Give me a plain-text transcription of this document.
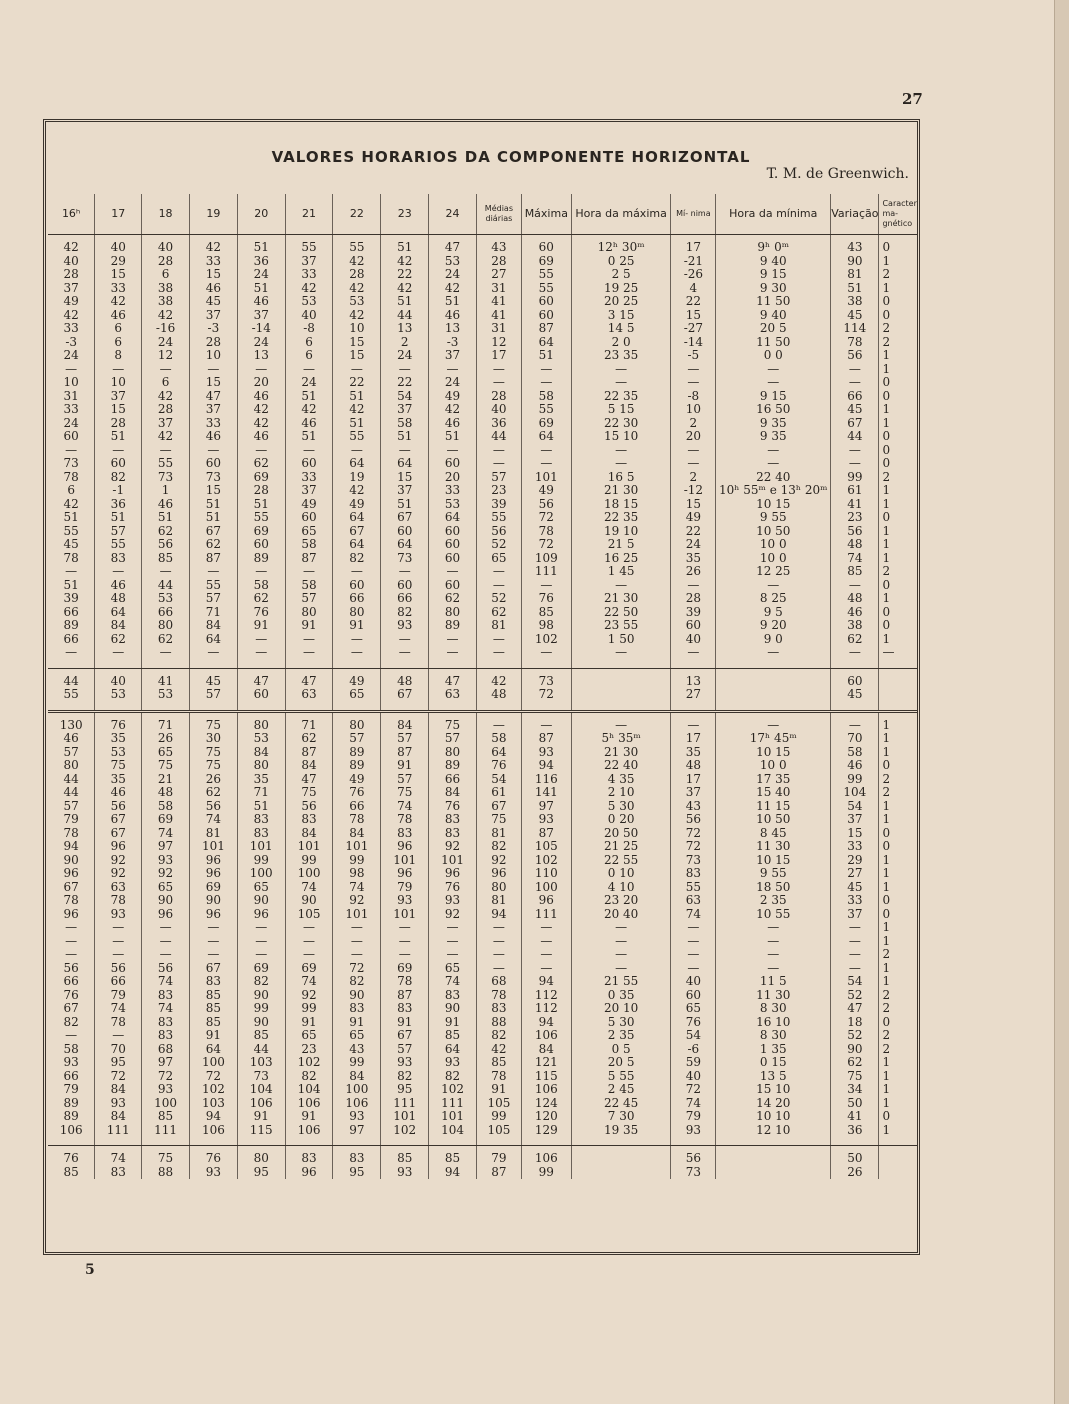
27
VALORES HORARIOS DA COMPONENTE HORIZONTAL
T. M. de Greenwich.
16ʰ	17	18	19	20	21	22	23	24	Médias diárias	Máxima	Hora da máxima	Mí- nima	Hora da mínima	Variação	Caracter ma- gnético

42	40	40	42	51	55	55	51	47	43	60	12ʰ 30ᵐ	17	9ʰ 0ᵐ	43	0
40	29	28	33	36	37	42	42	53	28	69	0 25	-21	9 40	90	1
28	15	6	15	24	33	28	22	24	27	55	2 5	-26	9 15	81	2
37	33	38	46	51	42	42	42	42	31	55	19 25	4	9 30	51	1
49	42	38	45	46	53	53	51	51	41	60	20 25	22	11 50	38	0
42	46	42	37	37	40	42	44	46	41	60	3 15	15	9 40	45	0
33	6	-16	-3	-14	-8	10	13	13	31	87	14 5	-27	20 5	114	2
-3	6	24	28	24	6	15	2	-3	12	64	2 0	-14	11 50	78	2
24	8	12	10	13	6	15	24	37	17	51	23 35	-5	0 0	56	1
—	—	—	—	—	—	—	—	—	—	—	—	—	—	—	1
10	10	6	15	20	24	22	22	24	—	—	—	—	—	—	0
31	37	42	47	46	51	51	54	49	28	58	22 35	-8	9 15	66	0
33	15	28	37	42	42	42	37	42	40	55	5 15	10	16 50	45	1
24	28	37	33	42	46	51	58	46	36	69	22 30	2	9 35	67	1
60	51	42	46	46	51	55	51	51	44	64	15 10	20	9 35	44	0
—	—	—	—	—	—	—	—	—	—	—	—	—	—	—	0
73	60	55	60	62	60	64	64	60	—	—	—	—	—	—	0
78	82	73	73	69	33	19	15	20	57	101	16 5	2	22 40	99	2
6	-1	1	15	28	37	42	37	33	23	49	21 30	-12	10ʰ 55ᵐ e 13ʰ 20ᵐ	61	1
42	36	46	51	51	49	49	51	53	39	56	18 15	15	10 15	41	1
51	51	51	51	55	60	64	67	64	55	72	22 35	49	9 55	23	0
55	57	62	67	69	65	67	60	60	56	78	19 10	22	10 50	56	1
45	55	56	62	60	58	64	64	60	52	72	21 5	24	10 0	48	1
78	83	85	87	89	87	82	73	60	65	109	16 25	35	10 0	74	1
—	—	—	—	—	—	—	—	—	—	111	1 45	26	12 25	85	2
51	46	44	55	58	58	60	60	60	—	—	—	—	—	—	0
39	48	53	57	62	57	66	66	62	52	76	21 30	28	8 25	48	1
66	64	66	71	76	80	80	82	80	62	85	22 50	39	9 5	46	0
89	84	80	84	91	91	91	93	89	81	98	23 55	60	9 20	38	0
66	62	62	64	—	—	—	—	—	—	102	1 50	40	9 0	62	1
—	—	—	—	—	—	—	—	—	—	—	—	—	—	—	—

44	40	41	45	47	47	49	48	47	42	73		13		60	
55	53	53	57	60	63	65	67	63	48	72		27		45	

130	76	71	75	80	71	80	84	75	—	—	—	—	—	—	1
46	35	26	30	53	62	57	57	57	58	87	5ʰ 35ᵐ	17	17ʰ 45ᵐ	70	1
57	53	65	75	84	87	89	87	80	64	93	21 30	35	10 15	58	1
80	75	75	75	80	84	89	91	89	76	94	22 40	48	10 0	46	0
44	35	21	26	35	47	49	57	66	54	116	4 35	17	17 35	99	2
44	46	48	62	71	75	76	75	84	61	141	2 10	37	15 40	104	2
57	56	58	56	51	56	66	74	76	67	97	5 30	43	11 15	54	1
79	67	69	74	83	83	78	78	83	75	93	0 20	56	10 50	37	1
78	67	74	81	83	84	84	83	83	81	87	20 50	72	8 45	15	0
94	96	97	101	101	101	101	96	92	82	105	21 25	72	11 30	33	0
90	92	93	96	99	99	99	101	101	92	102	22 55	73	10 15	29	1
96	92	92	96	100	100	98	96	96	96	110	0 10	83	9 55	27	1
67	63	65	69	65	74	74	79	76	80	100	4 10	55	18 50	45	1
78	78	90	90	90	90	92	93	93	81	96	23 20	63	2 35	33	0
96	93	96	96	96	105	101	101	92	94	111	20 40	74	10 55	37	0
—	—	—	—	—	—	—	—	—	—	—	—	—	—	—	1
—	—	—	—	—	—	—	—	—	—	—	—	—	—	—	1
—	—	—	—	—	—	—	—	—	—	—	—	—	—	—	2
56	56	56	67	69	69	72	69	65	—	—	—	—	—	—	1
66	66	74	83	82	74	82	78	74	68	94	21 55	40	11 5	54	1
76	79	83	85	90	92	90	87	83	78	112	0 35	60	11 30	52	2
67	74	74	85	99	99	83	83	90	83	112	20 10	65	8 30	47	2
82	78	83	85	90	91	91	91	91	88	94	5 30	76	16 10	18	0
—	—	83	91	85	65	65	67	85	82	106	2 35	54	8 30	52	2
58	70	68	64	44	23	43	57	64	42	84	0 5	-6	1 35	90	2
93	95	97	100	103	102	99	93	93	85	121	20 5	59	0 15	62	1
66	72	72	72	73	82	84	82	82	78	115	5 55	40	13 5	75	1
79	84	93	102	104	104	100	95	102	91	106	2 45	72	15 10	34	1
89	93	100	103	106	106	106	111	111	105	124	22 45	74	14 20	50	1
89	84	85	94	91	91	93	101	101	99	120	7 30	79	10 10	41	0
106	111	111	106	115	106	97	102	104	105	129	19 35	93	12 10	36	1

76	74	75	76	80	83	83	85	85	79	106		56		50	
85	83	88	93	95	96	95	93	94	87	99		73		26	
5
